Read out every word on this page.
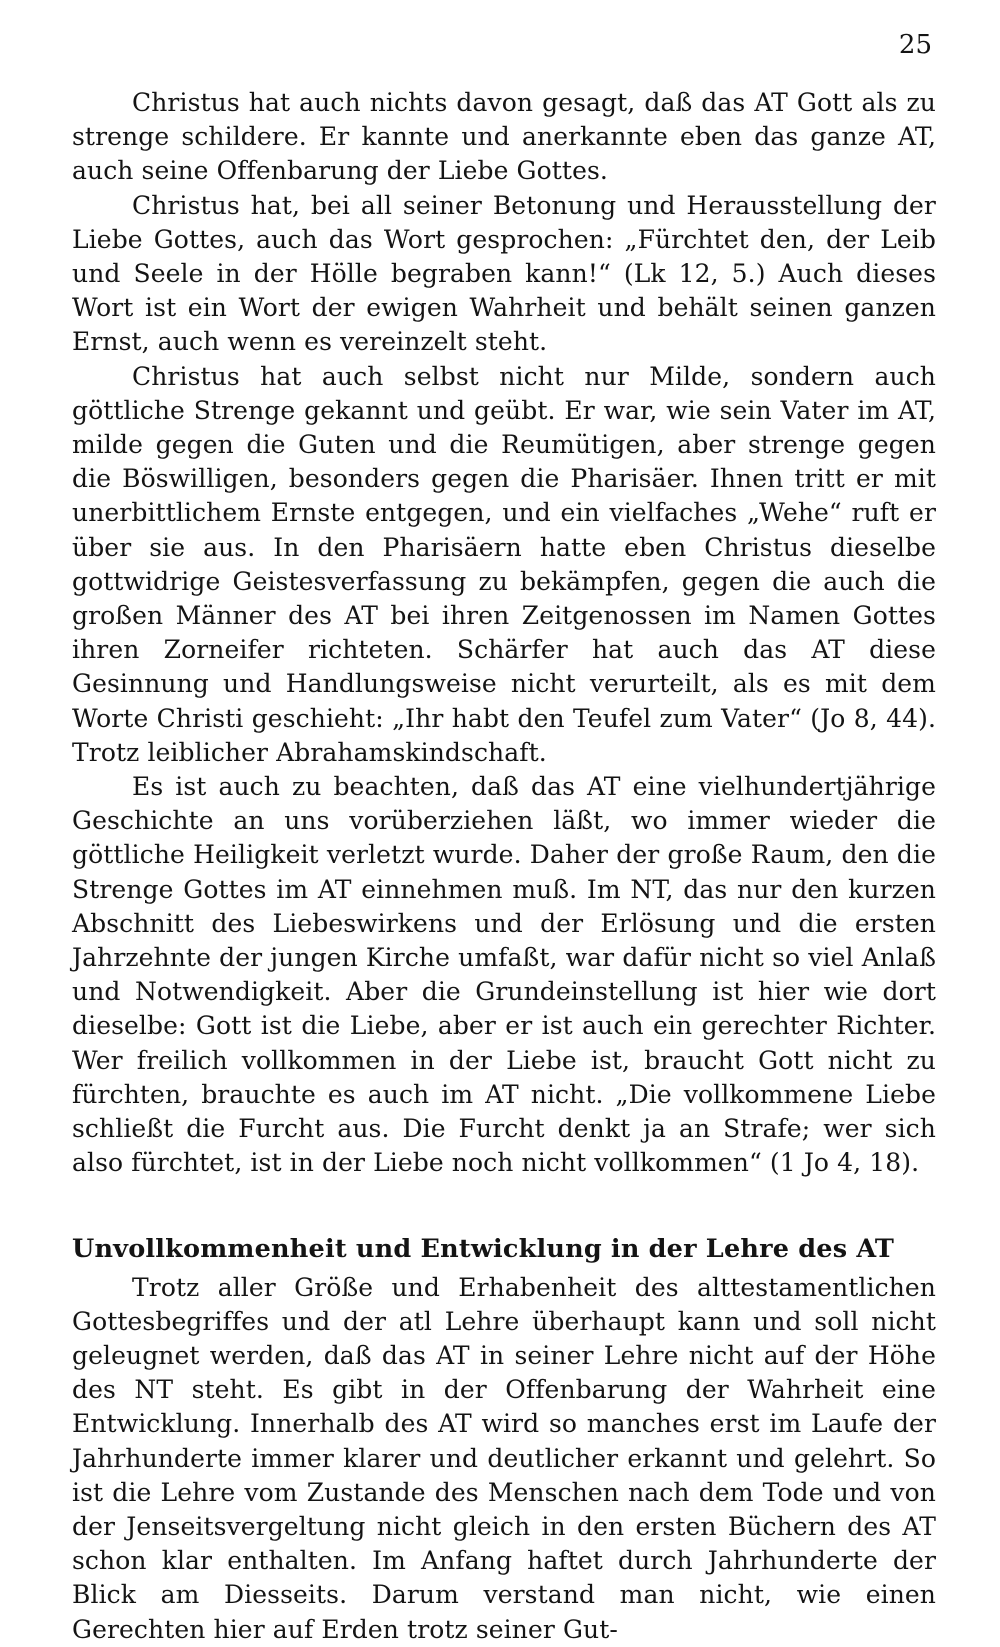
25

Christus hat auch nichts davon gesagt, daß das AT Gott als zu strenge schildere. Er kannte und anerkannte eben das ganze AT, auch seine Offenbarung der Liebe Gottes.

Christus hat, bei all seiner Betonung und Herausstellung der Liebe Gottes, auch das Wort gesprochen: „Fürchtet den, der Leib und Seele in der Hölle begraben kann!“ (Lk 12, 5.) Auch dieses Wort ist ein Wort der ewigen Wahrheit und behält seinen ganzen Ernst, auch wenn es vereinzelt steht.

Christus hat auch selbst nicht nur Milde, sondern auch göttliche Strenge gekannt und geübt. Er war, wie sein Vater im AT, milde gegen die Guten und die Reumütigen, aber strenge gegen die Böswilligen, besonders gegen die Pharisäer. Ihnen tritt er mit unerbittlichem Ernste entgegen, und ein vielfaches „Wehe“ ruft er über sie aus. In den Pharisäern hatte eben Christus dieselbe gottwidrige Geistesverfassung zu bekämpfen, gegen die auch die großen Männer des AT bei ihren Zeitgenossen im Namen Gottes ihren Zorneifer richteten. Schärfer hat auch das AT diese Gesinnung und Handlungsweise nicht verurteilt, als es mit dem Worte Christi geschieht: „Ihr habt den Teufel zum Vater“ (Jo 8, 44). Trotz leiblicher Abrahamskindschaft.

Es ist auch zu beachten, daß das AT eine vielhundertjährige Geschichte an uns vorüberziehen läßt, wo immer wieder die göttliche Heiligkeit verletzt wurde. Daher der große Raum, den die Strenge Gottes im AT einnehmen muß. Im NT, das nur den kurzen Abschnitt des Liebeswirkens und der Erlösung und die ersten Jahrzehnte der jungen Kirche umfaßt, war dafür nicht so viel Anlaß und Notwendigkeit. Aber die Grundeinstellung ist hier wie dort dieselbe: Gott ist die Liebe, aber er ist auch ein gerechter Richter. Wer freilich vollkommen in der Liebe ist, braucht Gott nicht zu fürchten, brauchte es auch im AT nicht. „Die vollkommene Liebe schließt die Furcht aus. Die Furcht denkt ja an Strafe; wer sich also fürchtet, ist in der Liebe noch nicht vollkommen“ (1 Jo 4, 18).

Unvollkommenheit und Entwicklung in der Lehre des AT

Trotz aller Größe und Erhabenheit des alttestamentlichen Gottesbegriffes und der atl Lehre überhaupt kann und soll nicht geleugnet werden, daß das AT in seiner Lehre nicht auf der Höhe des NT steht. Es gibt in der Offenbarung der Wahrheit eine Entwicklung. Innerhalb des AT wird so manches erst im Laufe der Jahrhunderte immer klarer und deutlicher erkannt und gelehrt. So ist die Lehre vom Zustande des Menschen nach dem Tode und von der Jenseitsvergeltung nicht gleich in den ersten Büchern des AT schon klar enthalten. Im Anfang haftet durch Jahrhunderte der Blick am Diesseits. Darum verstand man nicht, wie einen Gerechten hier auf Erden trotz seiner Gut-
